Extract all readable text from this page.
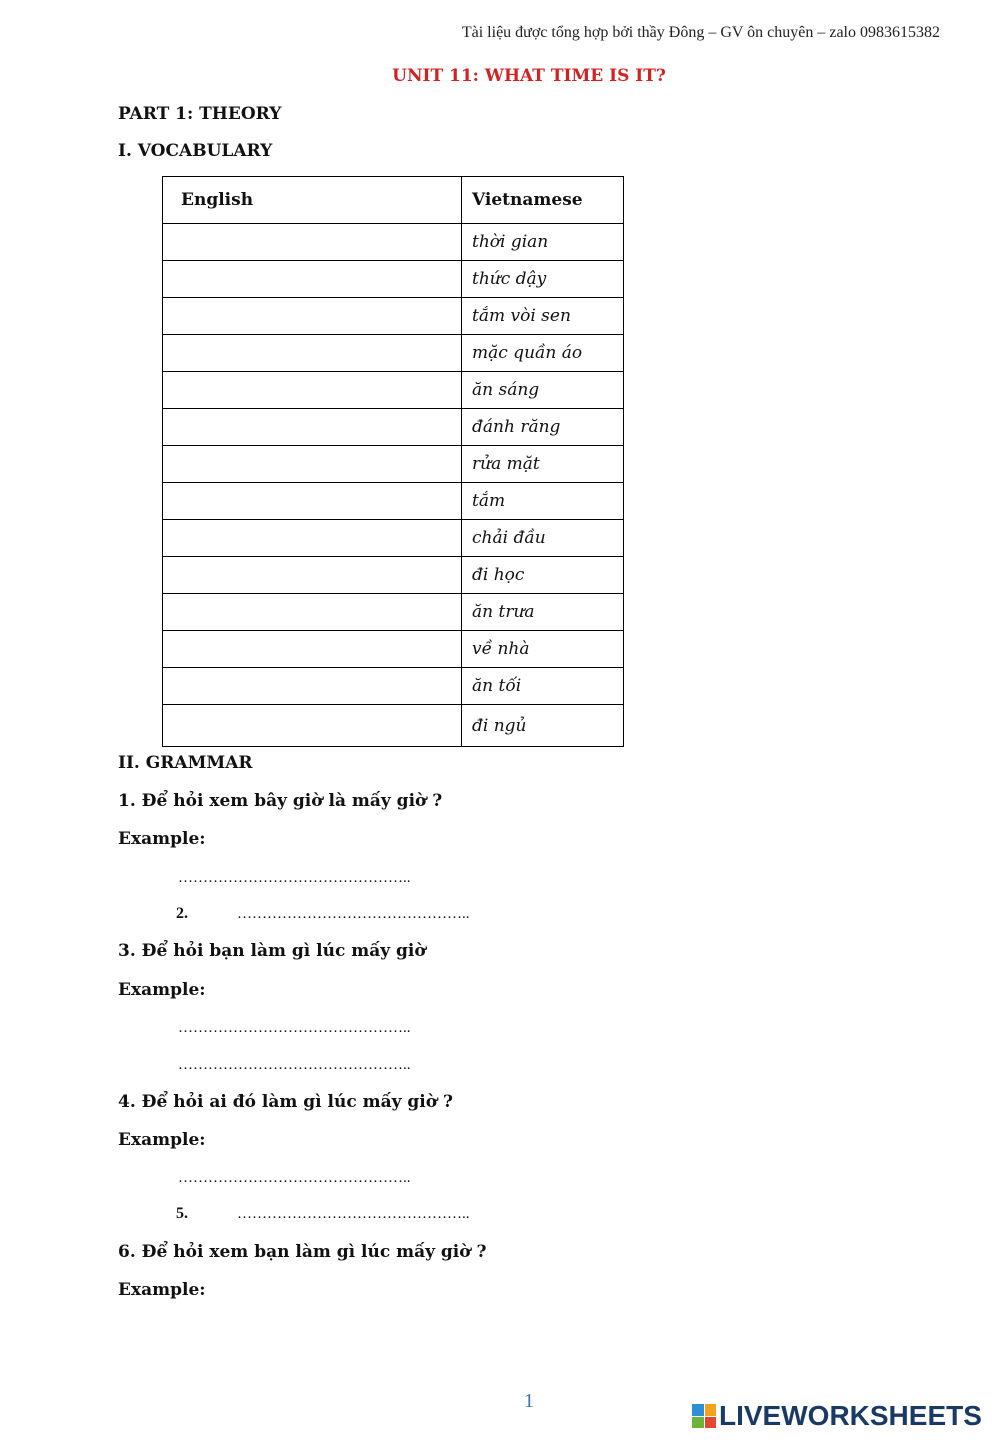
Tài liệu được tổng hợp bởi thầy Đông – GV ôn chuyên – zalo 0983615382
UNIT 11: WHAT TIME IS IT?
PART 1: THEORY
I. VOCABULARY
English	Vietnamese
	thời gian
	thức dậy
	tắm vòi sen
	mặc quần áo
	ăn sáng
	đánh răng
	rửa mặt
	tắm
	chải đầu
	đi học
	ăn trưa
	về nhà
	ăn tối
	đi ngủ
II. GRAMMAR
1. Để hỏi xem bây giờ là mấy giờ ?
Example:
………………………………………..
2.	………………………………………..
3. Để hỏi bạn làm gì lúc mấy giờ
Example:
………………………………………..
………………………………………..
4. Để hỏi ai đó làm gì lúc mấy giờ ?
Example:
………………………………………..
5.	………………………………………..
6. Để hỏi xem bạn làm gì lúc mấy giờ ?
Example:
1	LIVEWORKSHEETS
